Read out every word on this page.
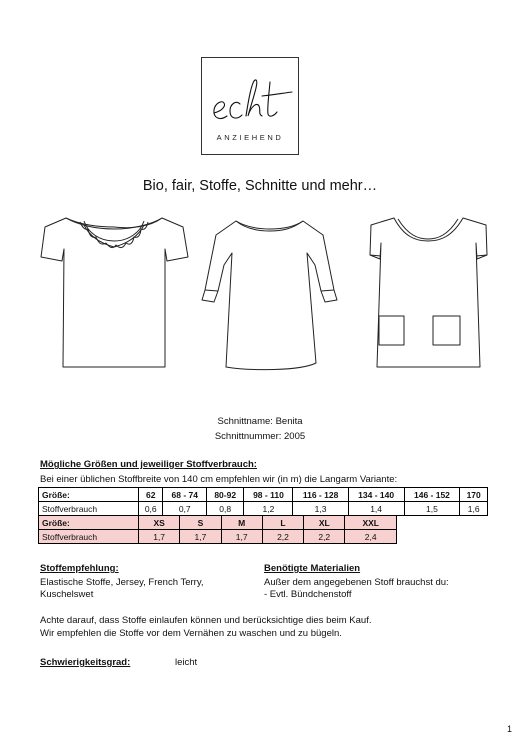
ANZIEHEND
Bio, fair, Stoffe, Schnitte und mehr…
Schnittname: Benita
Schnittnummer: 2005
Mögliche Größen und jeweiliger Stoffverbrauch:
Bei einer üblichen Stoffbreite von 140 cm empfehlen wir (in m) die Langarm Variante:
Größe:	62	68 - 74	80-92	98 - 110	116 - 128	134 - 140	146 - 152	170
Stoffverbrauch	0,6	0,7	0,8	1,2	1,3	1,4	1,5	1,6
Größe:	XS	S	M	L	XL	XXL
Stoffverbrauch	1,7	1,7	1,7	2,2	2,2	2,4
Stoffempfehlung:
Elastische Stoffe, Jersey, French Terry,
Kuschelswet
Benötigte Materialien
Außer dem angegebenen Stoff brauchst du:
- Evtl. Bündchenstoff
Achte darauf, dass Stoffe einlaufen können und berücksichtige dies beim Kauf.
Wir empfehlen die Stoffe vor dem Vernähen zu waschen und zu bügeln.
Schwierigkeitsgrad:	leicht
1
